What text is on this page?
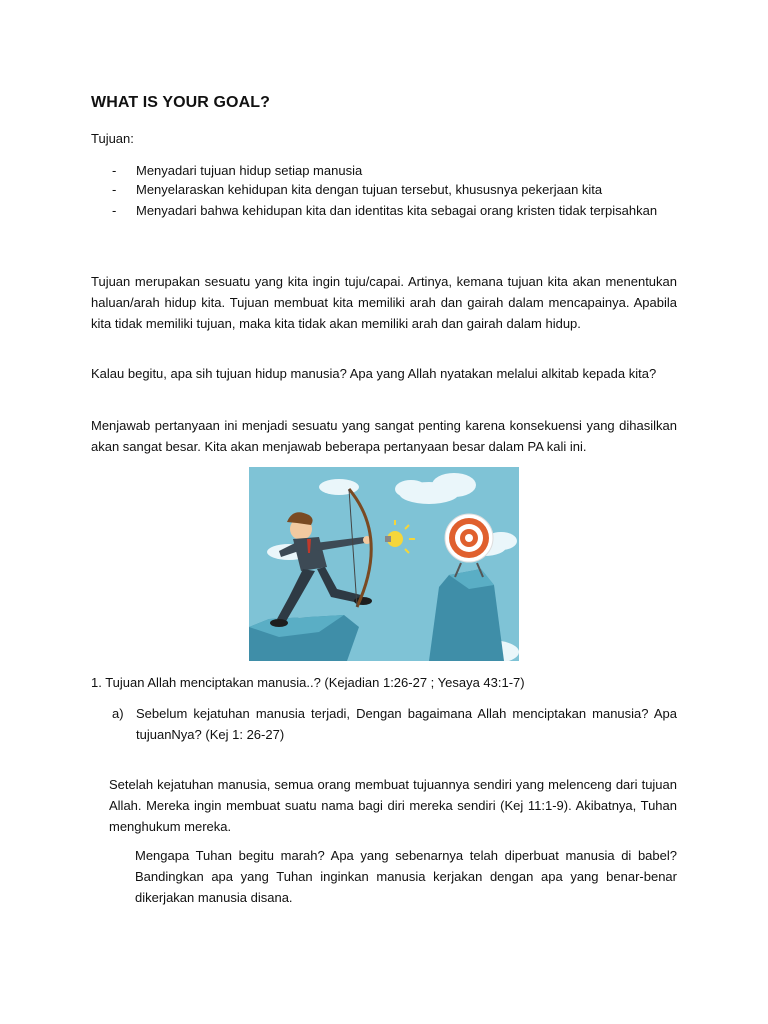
WHAT IS YOUR GOAL?
Tujuan:
- Menyadari tujuan hidup setiap manusia
- Menyelaraskan kehidupan kita dengan tujuan tersebut, khususnya pekerjaan kita
- Menyadari bahwa kehidupan kita dan identitas kita sebagai orang kristen tidak terpisahkan
Tujuan merupakan sesuatu yang kita ingin tuju/capai. Artinya, kemana tujuan kita akan menentukan haluan/arah hidup kita. Tujuan membuat kita memiliki arah dan gairah dalam mencapainya. Apabila kita tidak memiliki tujuan, maka kita tidak akan memiliki arah dan gairah dalam hidup.
Kalau begitu, apa sih tujuan hidup manusia? Apa yang Allah nyatakan melalui alkitab kepada kita?
Menjawab pertanyaan ini menjadi sesuatu yang sangat penting karena konsekuensi yang dihasilkan akan sangat besar. Kita akan menjawab beberapa pertanyaan besar dalam PA kali ini.
1. Tujuan Allah menciptakan manusia..? (Kejadian 1:26-27 ; Yesaya 43:1-7)
a) Sebelum kejatuhan manusia terjadi, Dengan bagaimana Allah menciptakan manusia? Apa tujuanNya? (Kej 1: 26-27)
Setelah kejatuhan manusia, semua orang membuat tujuannya sendiri yang melenceng dari tujuan Allah. Mereka ingin membuat suatu nama bagi diri mereka sendiri (Kej 11:1-9). Akibatnya, Tuhan menghukum mereka.
Mengapa Tuhan begitu marah? Apa yang sebenarnya telah diperbuat manusia di babel? Bandingkan apa yang Tuhan inginkan manusia kerjakan dengan apa yang benar-benar dikerjakan manusia disana.
